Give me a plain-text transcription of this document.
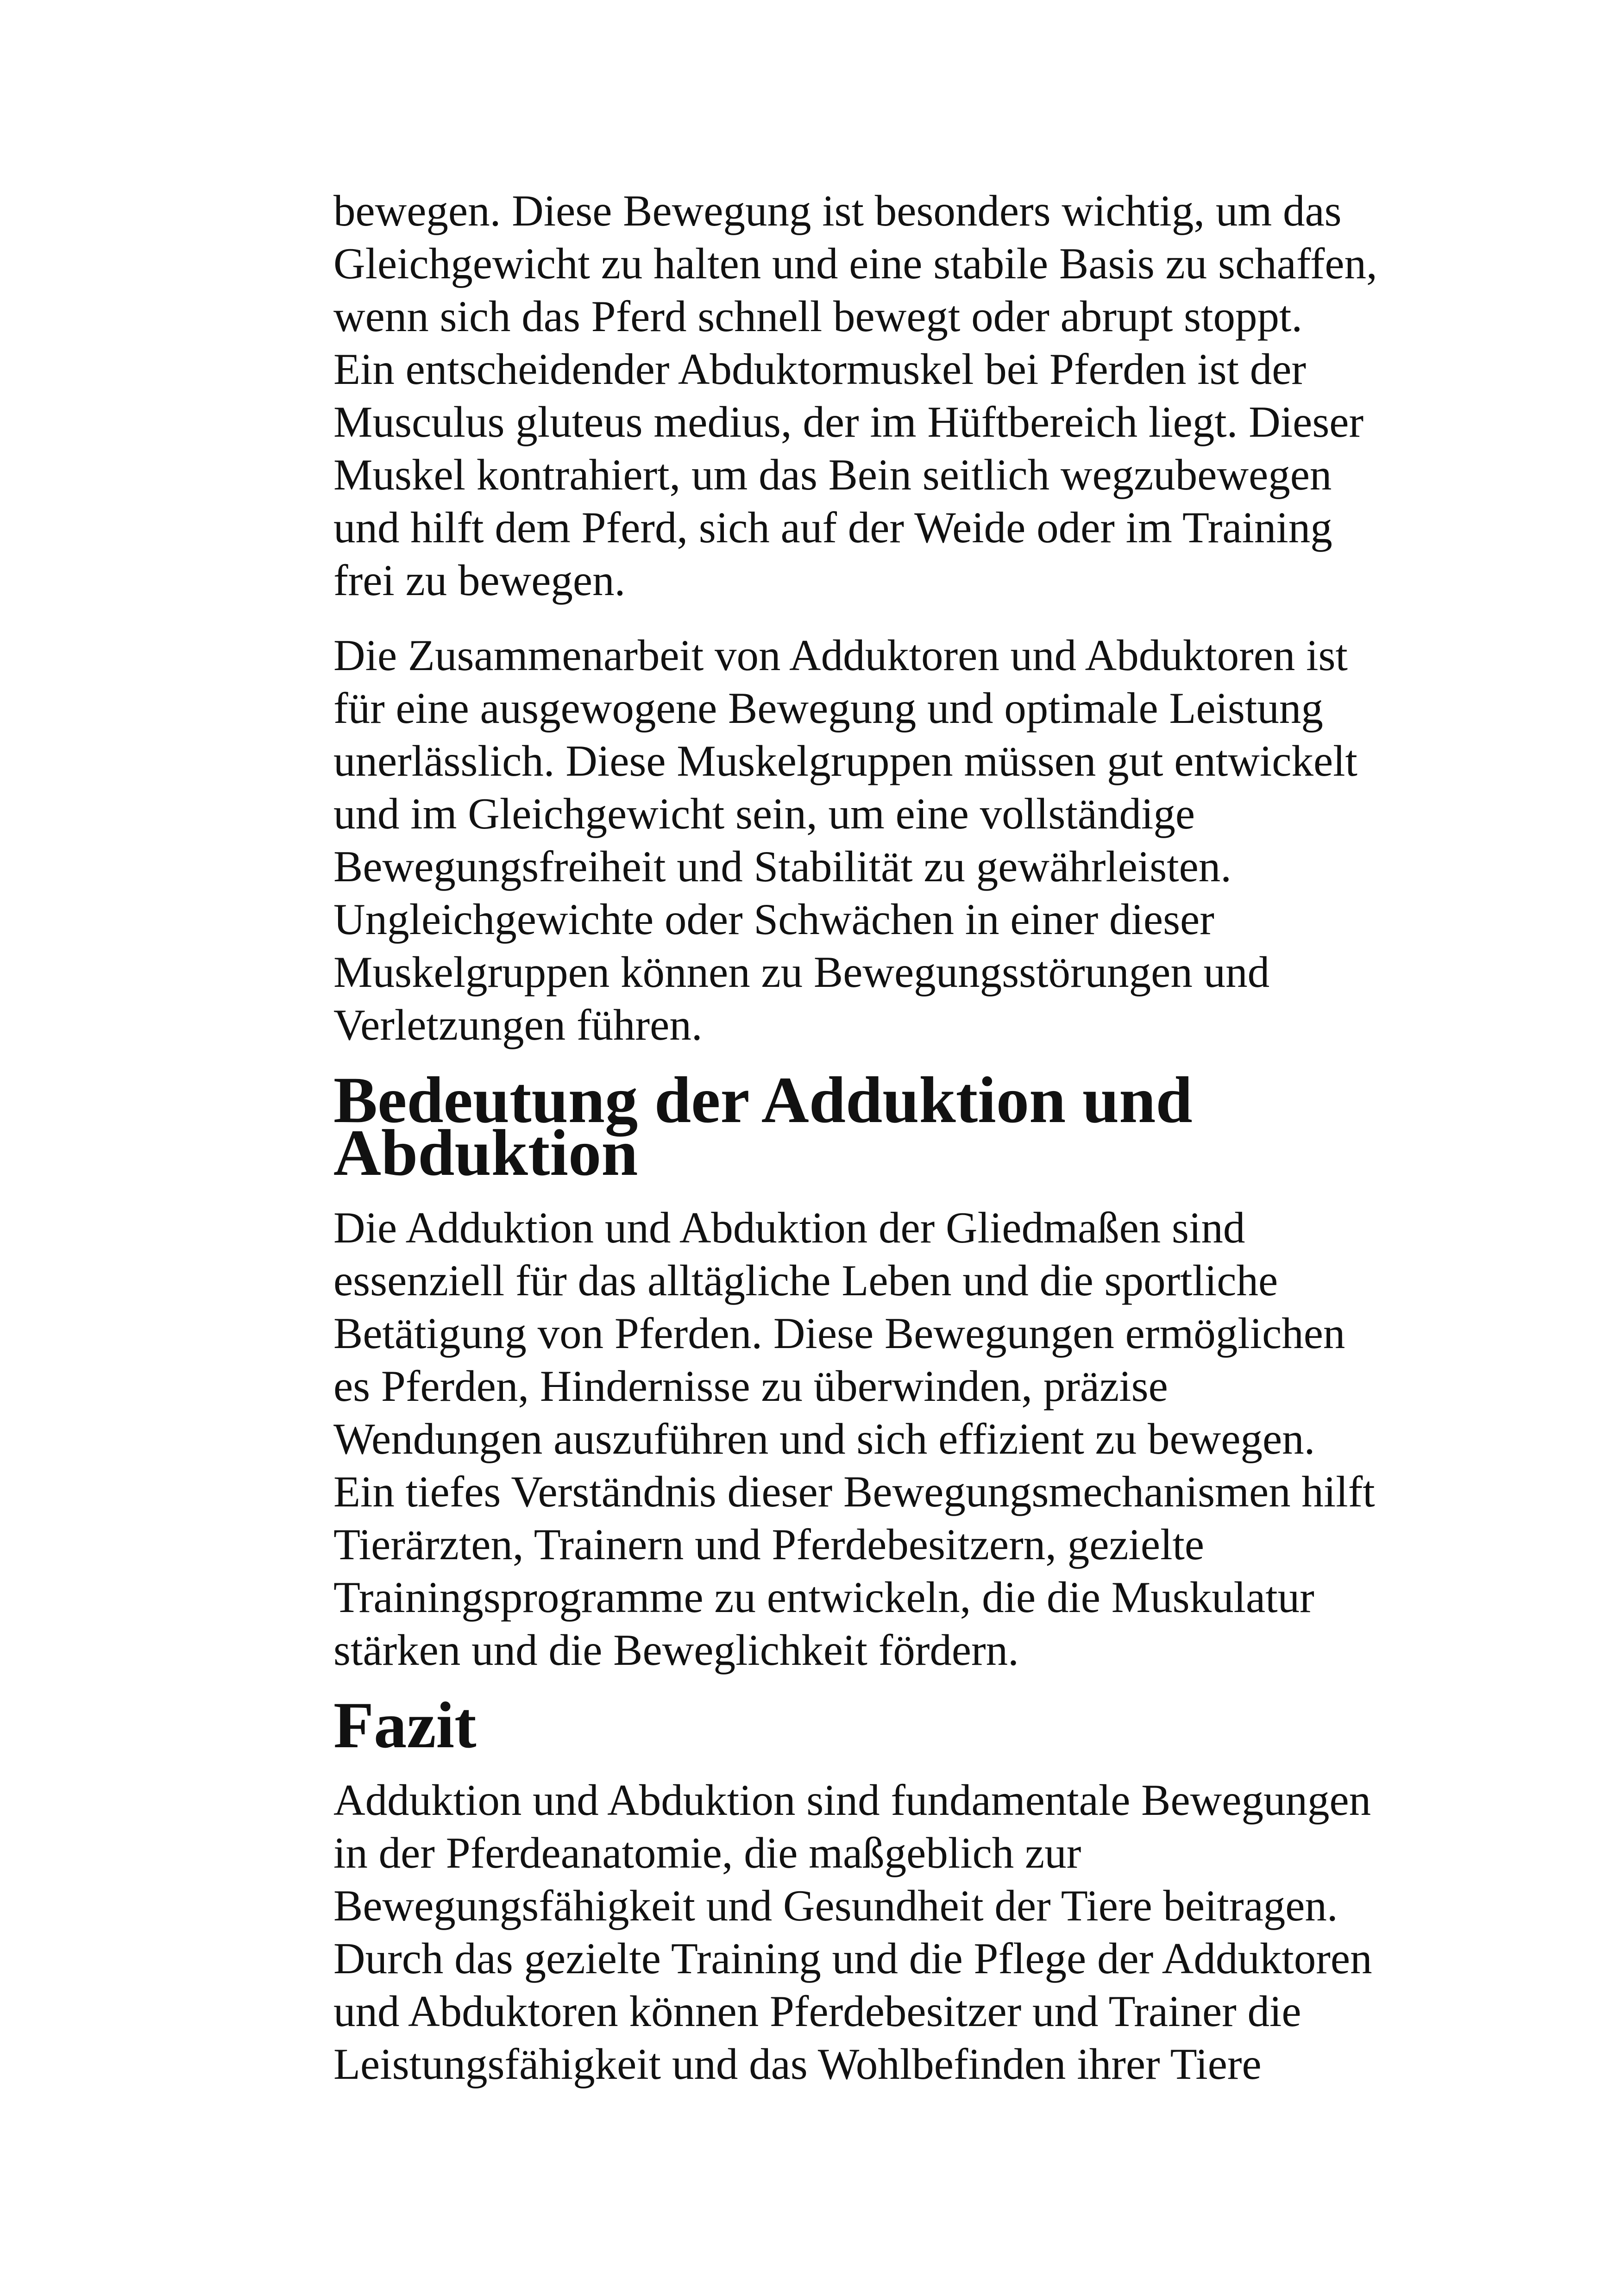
bewegen. Diese Bewegung ist besonders wichtig, um das
Gleichgewicht zu halten und eine stabile Basis zu schaffen,
wenn sich das Pferd schnell bewegt oder abrupt stoppt.
Ein entscheidender Abduktormuskel bei Pferden ist der
Musculus gluteus medius, der im Hüftbereich liegt. Dieser
Muskel kontrahiert, um das Bein seitlich wegzubewegen
und hilft dem Pferd, sich auf der Weide oder im Training
frei zu bewegen.

Die Zusammenarbeit von Adduktoren und Abduktoren ist
für eine ausgewogene Bewegung und optimale Leistung
unerlässlich. Diese Muskelgruppen müssen gut entwickelt
und im Gleichgewicht sein, um eine vollständige
Bewegungsfreiheit und Stabilität zu gewährleisten.
Ungleichgewichte oder Schwächen in einer dieser
Muskelgruppen können zu Bewegungsstörungen und
Verletzungen führen.

Bedeutung der Adduktion und Abduktion

Die Adduktion und Abduktion der Gliedmaßen sind
essenziell für das alltägliche Leben und die sportliche
Betätigung von Pferden. Diese Bewegungen ermöglichen
es Pferden, Hindernisse zu überwinden, präzise
Wendungen auszuführen und sich effizient zu bewegen.
Ein tiefes Verständnis dieser Bewegungsmechanismen hilft
Tierärzten, Trainern und Pferdebesitzern, gezielte
Trainingsprogramme zu entwickeln, die die Muskulatur
stärken und die Beweglichkeit fördern.

Fazit

Adduktion und Abduktion sind fundamentale Bewegungen
in der Pferdeanatomie, die maßgeblich zur
Bewegungsfähigkeit und Gesundheit der Tiere beitragen.
Durch das gezielte Training und die Pflege der Adduktoren
und Abduktoren können Pferdebesitzer und Trainer die
Leistungsfähigkeit und das Wohlbefinden ihrer Tiere
